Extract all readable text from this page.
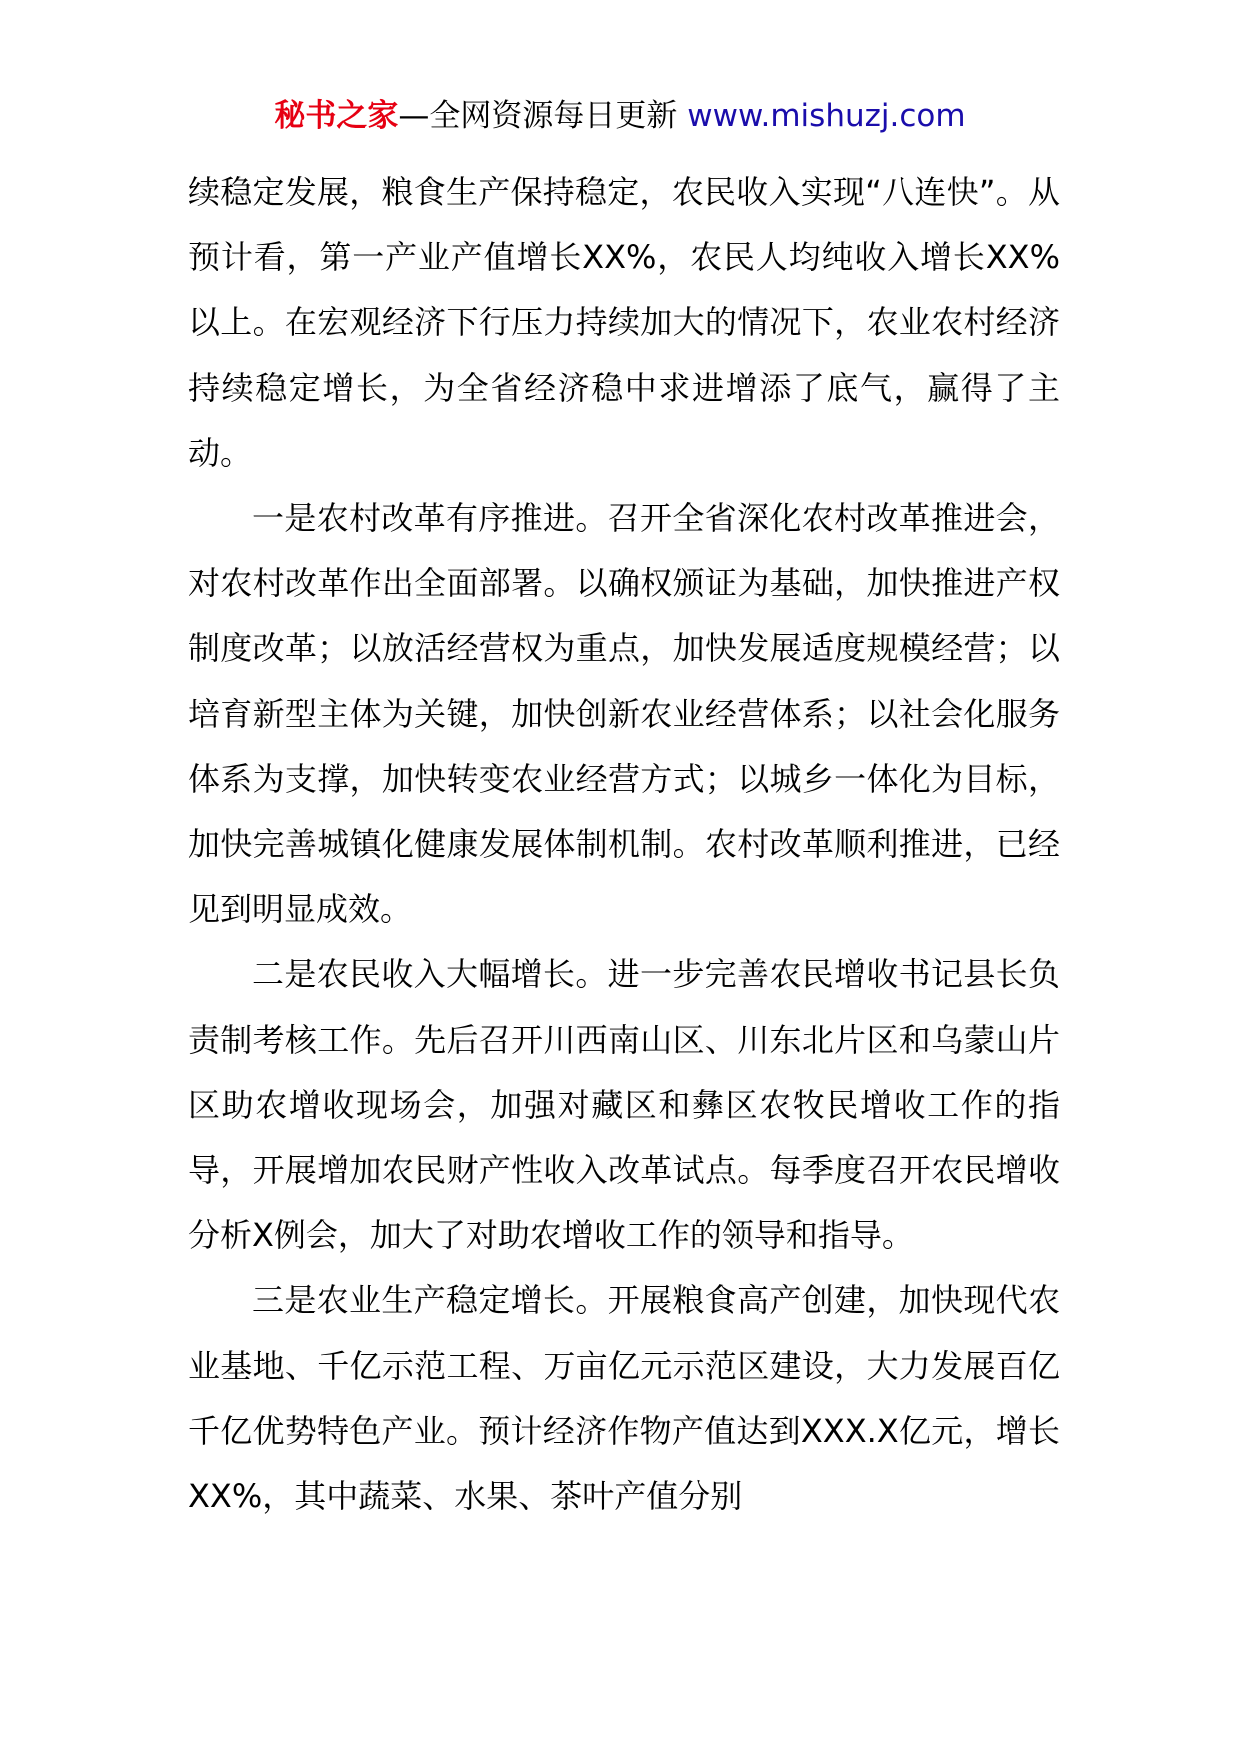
秘书之家—全网资源每日更新 www.mishuzj.com

续稳定发展，粮食生产保持稳定，农民收入实现“八连快”。从预计看，第一产业产值增长XX%，农民人均纯收入增长XX%以上。在宏观经济下行压力持续加大的情况下，农业农村经济持续稳定增长，为全省经济稳中求进增添了底气，赢得了主动。

一是农村改革有序推进。召开全省深化农村改革推进会，对农村改革作出全面部署。以确权颁证为基础，加快推进产权制度改革；以放活经营权为重点，加快发展适度规模经营；以培育新型主体为关键，加快创新农业经营体系；以社会化服务体系为支撑，加快转变农业经营方式；以城乡一体化为目标，加快完善城镇化健康发展体制机制。农村改革顺利推进，已经见到明显成效。

二是农民收入大幅增长。进一步完善农民增收书记县长负责制考核工作。先后召开川西南山区、川东北片区和乌蒙山片区助农增收现场会，加强对藏区和彝区农牧民增收工作的指导，开展增加农民财产性收入改革试点。每季度召开农民增收分析X例会，加大了对助农增收工作的领导和指导。

三是农业生产稳定增长。开展粮食高产创建，加快现代农业基地、千亿示范工程、万亩亿元示范区建设，大力发展百亿千亿优势特色产业。预计经济作物产值达到XXX.X亿元，增长XX%，其中蔬菜、水果、茶叶产值分别
